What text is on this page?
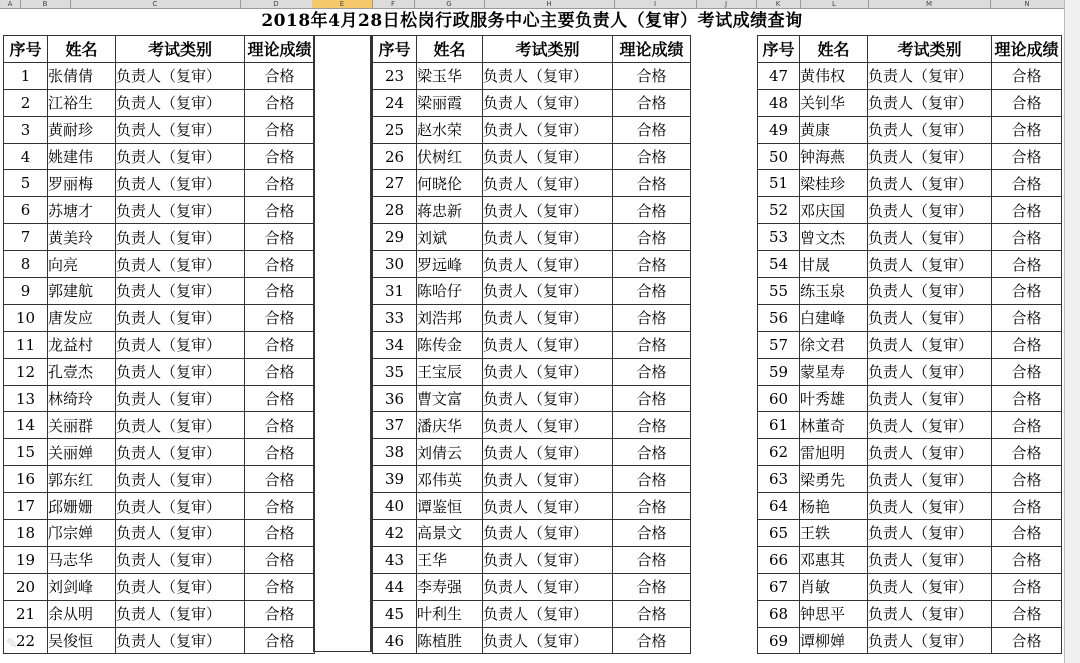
A	B	C	D	E	F	G	H	I	J	K	L	M	N
2018年4月28日松岗行政服务中心主要负责人（复审）考试成绩查询
序号	姓名	考试类别	理论成绩
1	张倩倩	负责人（复审）	合格
2	江裕生	负责人（复审）	合格
3	黄耐珍	负责人（复审）	合格
4	姚建伟	负责人（复审）	合格
5	罗丽梅	负责人（复审）	合格
6	苏塘才	负责人（复审）	合格
7	黄美玲	负责人（复审）	合格
8	向亮	负责人（复审）	合格
9	郭建航	负责人（复审）	合格
10	唐发应	负责人（复审）	合格
11	龙益村	负责人（复审）	合格
12	孔壹杰	负责人（复审）	合格
13	林绮玲	负责人（复审）	合格
14	关丽群	负责人（复审）	合格
15	关丽婵	负责人（复审）	合格
16	郭东红	负责人（复审）	合格
17	邱姗姗	负责人（复审）	合格
18	邝宗婵	负责人（复审）	合格
19	马志华	负责人（复审）	合格
20	刘剑峰	负责人（复审）	合格
21	余从明	负责人（复审）	合格
22	吴俊恒	负责人（复审）	合格
序号	姓名	考试类别	理论成绩
23	梁玉华	负责人（复审）	合格
24	梁丽霞	负责人（复审）	合格
25	赵水荣	负责人（复审）	合格
26	伏树红	负责人（复审）	合格
27	何晓伦	负责人（复审）	合格
28	蒋忠新	负责人（复审）	合格
29	刘斌	负责人（复审）	合格
30	罗远峰	负责人（复审）	合格
31	陈哈仔	负责人（复审）	合格
33	刘浩邦	负责人（复审）	合格
34	陈传金	负责人（复审）	合格
35	王宝辰	负责人（复审）	合格
36	曹文富	负责人（复审）	合格
37	潘庆华	负责人（复审）	合格
38	刘倩云	负责人（复审）	合格
39	邓伟英	负责人（复审）	合格
40	谭鉴恒	负责人（复审）	合格
42	高景文	负责人（复审）	合格
43	王华	负责人（复审）	合格
44	李寿强	负责人（复审）	合格
45	叶利生	负责人（复审）	合格
46	陈植胜	负责人（复审）	合格
序号	姓名	考试类别	理论成绩
47	黄伟权	负责人（复审）	合格
48	关钊华	负责人（复审）	合格
49	黄康	负责人（复审）	合格
50	钟海燕	负责人（复审）	合格
51	梁桂珍	负责人（复审）	合格
52	邓庆国	负责人（复审）	合格
53	曾文杰	负责人（复审）	合格
54	甘晟	负责人（复审）	合格
55	练玉泉	负责人（复审）	合格
56	白建峰	负责人（复审）	合格
57	徐文君	负责人（复审）	合格
59	蒙星寿	负责人（复审）	合格
60	叶秀雄	负责人（复审）	合格
61	林董奇	负责人（复审）	合格
62	雷旭明	负责人（复审）	合格
63	梁勇先	负责人（复审）	合格
64	杨艳	负责人（复审）	合格
65	王轶	负责人（复审）	合格
66	邓惠其	负责人（复审）	合格
67	肖敏	负责人（复审）	合格
68	钟思平	负责人（复审）	合格
69	谭柳婵	负责人（复审）	合格
✎
